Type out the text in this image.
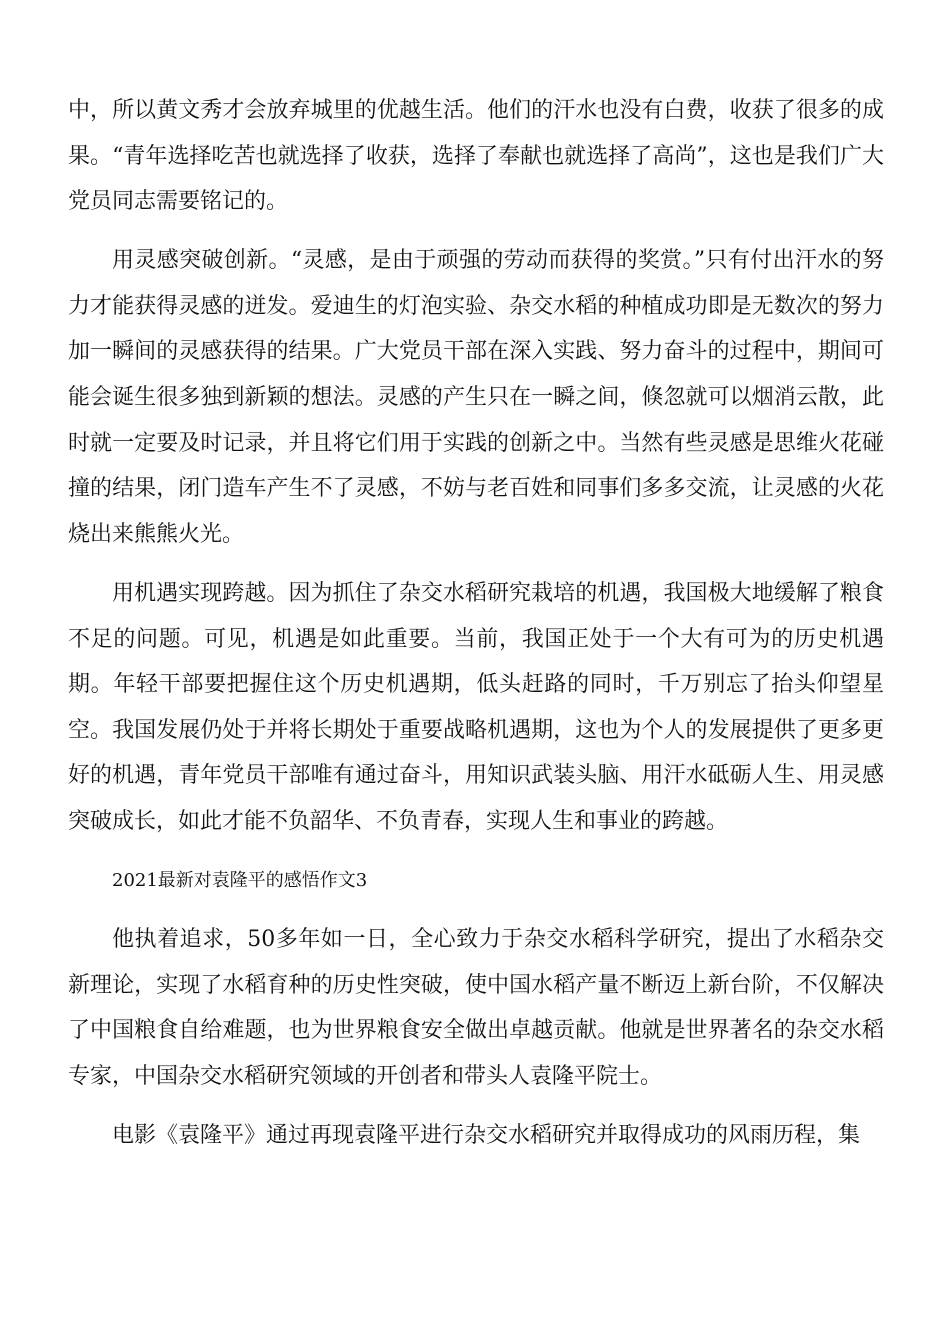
中，所以黄文秀才会放弃城里的优越生活。他们的汗水也没有白费，收获了很多的成果。“青年选择吃苦也就选择了收获，选择了奉献也就选择了高尚”，这也是我们广大党员同志需要铭记的。

用灵感突破创新。“灵感，是由于顽强的劳动而获得的奖赏。”只有付出汗水的努力才能获得灵感的迸发。爱迪生的灯泡实验、杂交水稻的种植成功即是无数次的努力加一瞬间的灵感获得的结果。广大党员干部在深入实践、努力奋斗的过程中，期间可能会诞生很多独到新颖的想法。灵感的产生只在一瞬之间，倏忽就可以烟消云散，此时就一定要及时记录，并且将它们用于实践的创新之中。当然有些灵感是思维火花碰撞的结果，闭门造车产生不了灵感，不妨与老百姓和同事们多多交流，让灵感的火花烧出来熊熊火光。

用机遇实现跨越。因为抓住了杂交水稻研究栽培的机遇，我国极大地缓解了粮食不足的问题。可见，机遇是如此重要。当前，我国正处于一个大有可为的历史机遇期。年轻干部要把握住这个历史机遇期，低头赶路的同时，千万别忘了抬头仰望星空。我国发展仍处于并将长期处于重要战略机遇期，这也为个人的发展提供了更多更好的机遇，青年党员干部唯有通过奋斗，用知识武装头脑、用汗水砥砺人生、用灵感突破成长，如此才能不负韶华、不负青春，实现人生和事业的跨越。

2021最新对袁隆平的感悟作文3

他执着追求，50多年如一日，全心致力于杂交水稻科学研究，提出了水稻杂交新理论，实现了水稻育种的历史性突破，使中国水稻产量不断迈上新台阶，不仅解决了中国粮食自给难题，也为世界粮食安全做出卓越贡献。他就是世界著名的杂交水稻专家，中国杂交水稻研究领域的开创者和带头人袁隆平院士。

电影《袁隆平》通过再现袁隆平进行杂交水稻研究并取得成功的风雨历程，集
